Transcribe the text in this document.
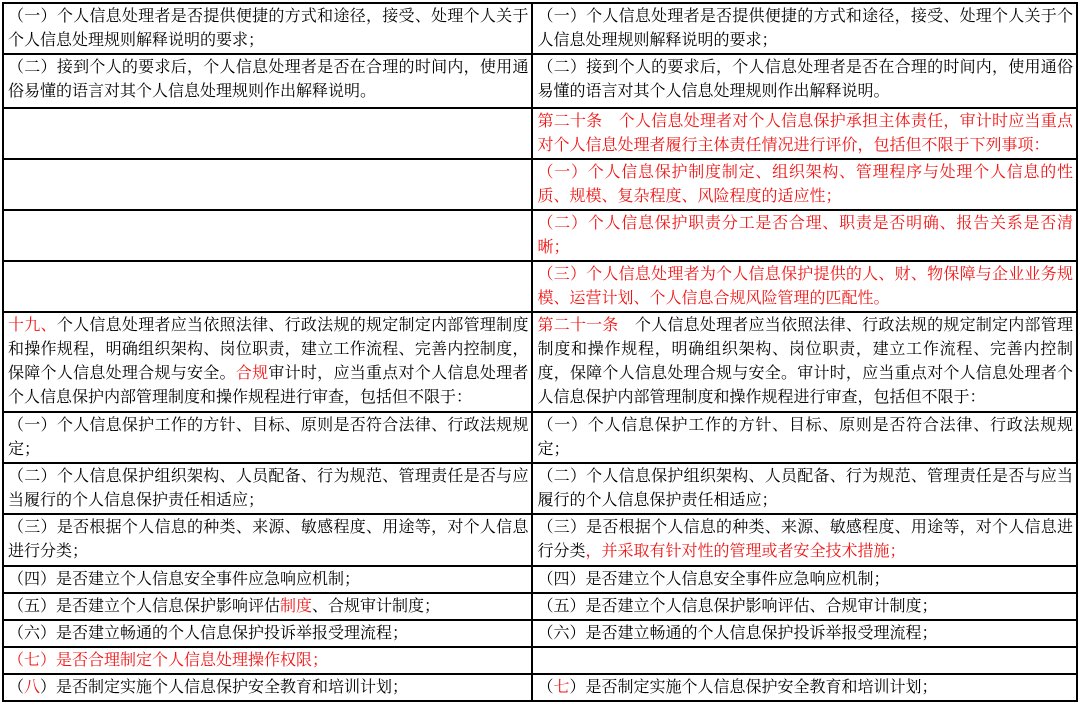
（一）个人信息处理者是否提供便捷的方式和途径，接受、处理个人关于个人信息处理规则解释说明的要求；	（一）个人信息处理者是否提供便捷的方式和途径，接受、处理个人关于个人信息处理规则解释说明的要求；
（二）接到个人的要求后，个人信息处理者是否在合理的时间内，使用通俗易懂的语言对其个人信息处理规则作出解释说明。	（二）接到个人的要求后，个人信息处理者是否在合理的时间内，使用通俗易懂的语言对其个人信息处理规则作出解释说明。
	第二十条　个人信息处理者对个人信息保护承担主体责任，审计时应当重点对个人信息处理者履行主体责任情况进行评价，包括但不限于下列事项：
	（一）个人信息保护制度制定、组织架构、管理程序与处理个人信息的性质、规模、复杂程度、风险程度的适应性；
	（二）个人信息保护职责分工是否合理、职责是否明确、报告关系是否清晰；
	（三）个人信息处理者为个人信息保护提供的人、财、物保障与企业业务规模、运营计划、个人信息合规风险管理的匹配性。
十九、个人信息处理者应当依照法律、行政法规的规定制定内部管理制度和操作规程，明确组织架构、岗位职责，建立工作流程、完善内控制度，保障个人信息处理合规与安全。合规审计时，应当重点对个人信息处理者个人信息保护内部管理制度和操作规程进行审查，包括但不限于：	第二十一条　个人信息处理者应当依照法律、行政法规的规定制定内部管理制度和操作规程，明确组织架构、岗位职责，建立工作流程、完善内控制度，保障个人信息处理合规与安全。审计时，应当重点对个人信息处理者个人信息保护内部管理制度和操作规程进行审查，包括但不限于：
（一）个人信息保护工作的方针、目标、原则是否符合法律、行政法规规定；	（一）个人信息保护工作的方针、目标、原则是否符合法律、行政法规规定；
（二）个人信息保护组织架构、人员配备、行为规范、管理责任是否与应当履行的个人信息保护责任相适应；	（二）个人信息保护组织架构、人员配备、行为规范、管理责任是否与应当履行的个人信息保护责任相适应；
（三）是否根据个人信息的种类、来源、敏感程度、用途等，对个人信息进行分类；	（三）是否根据个人信息的种类、来源、敏感程度、用途等，对个人信息进行分类，并采取有针对性的管理或者安全技术措施；
（四）是否建立个人信息安全事件应急响应机制；	（四）是否建立个人信息安全事件应急响应机制；
（五）是否建立个人信息保护影响评估制度、合规审计制度；	（五）是否建立个人信息保护影响评估、合规审计制度；
（六）是否建立畅通的个人信息保护投诉举报受理流程；	（六）是否建立畅通的个人信息保护投诉举报受理流程；
（七）是否合理制定个人信息处理操作权限；	
（八）是否制定实施个人信息保护安全教育和培训计划；	（七）是否制定实施个人信息保护安全教育和培训计划；
